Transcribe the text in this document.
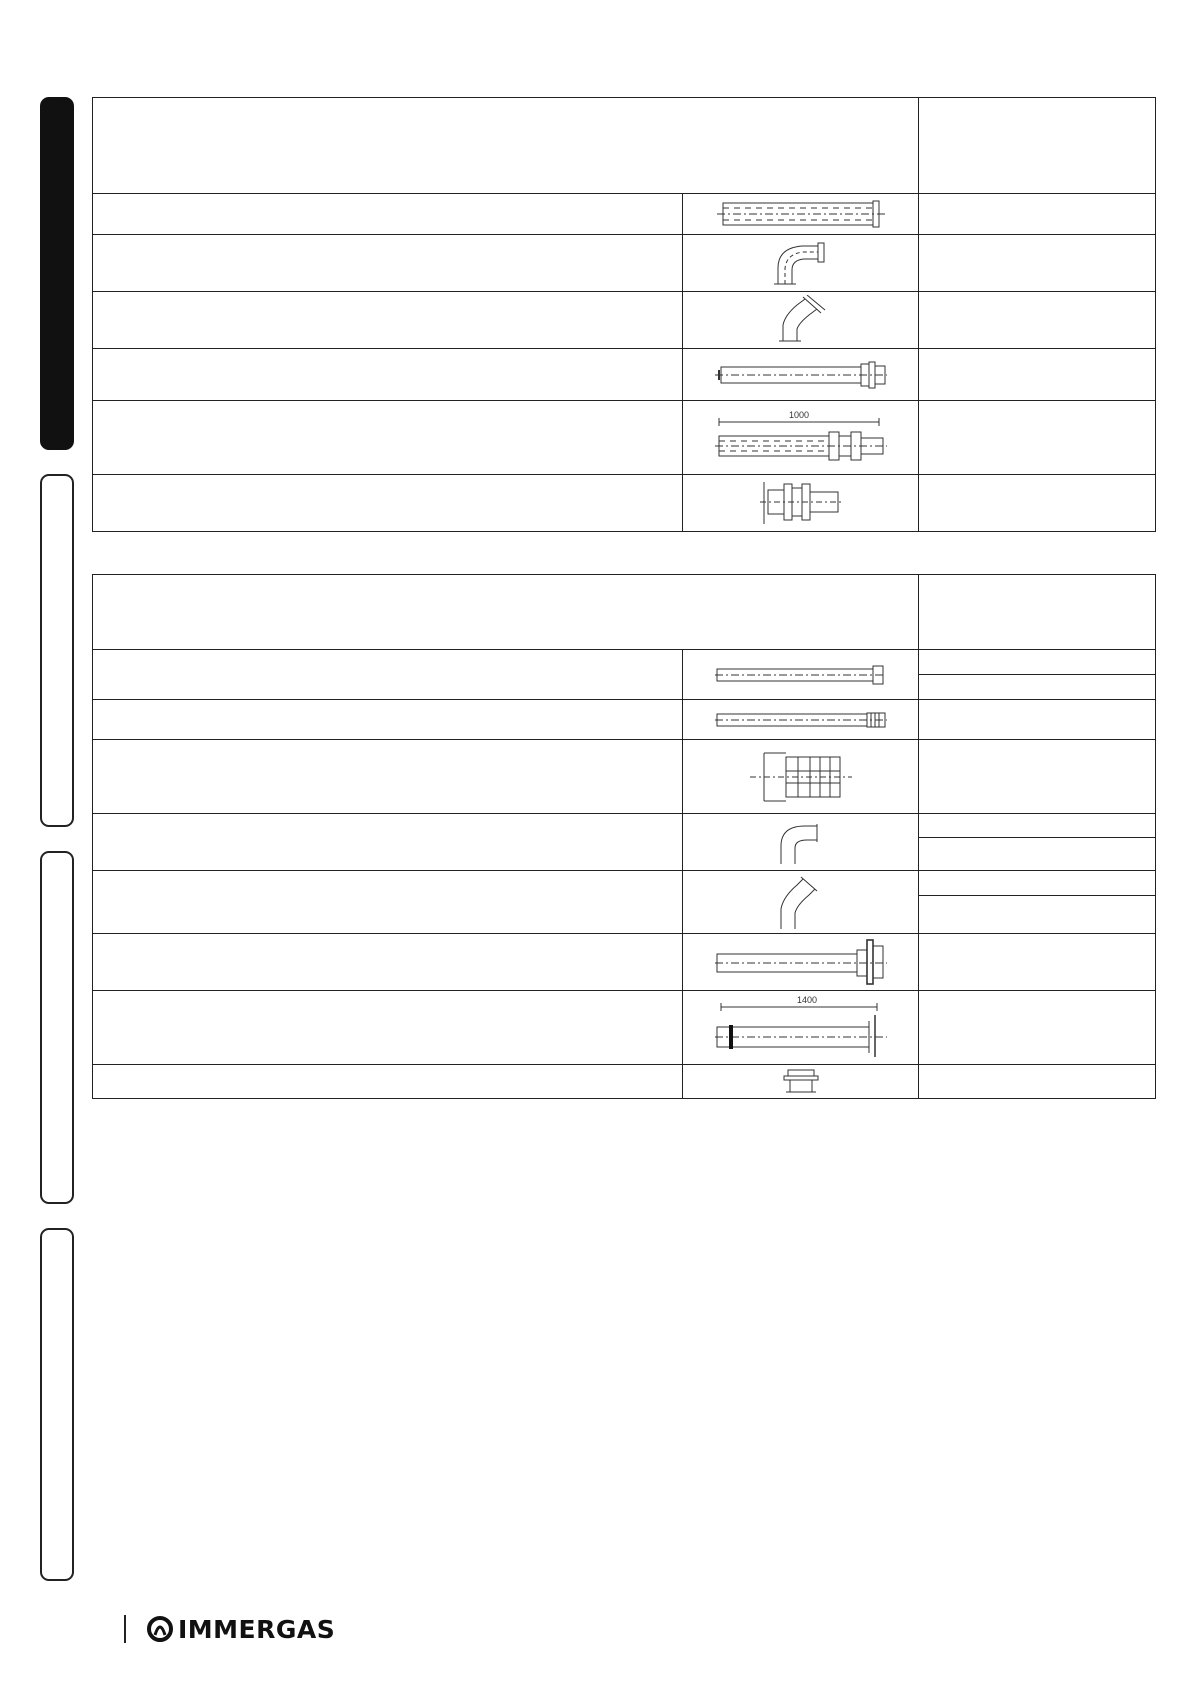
1000	

1400	

IMMERGAS
